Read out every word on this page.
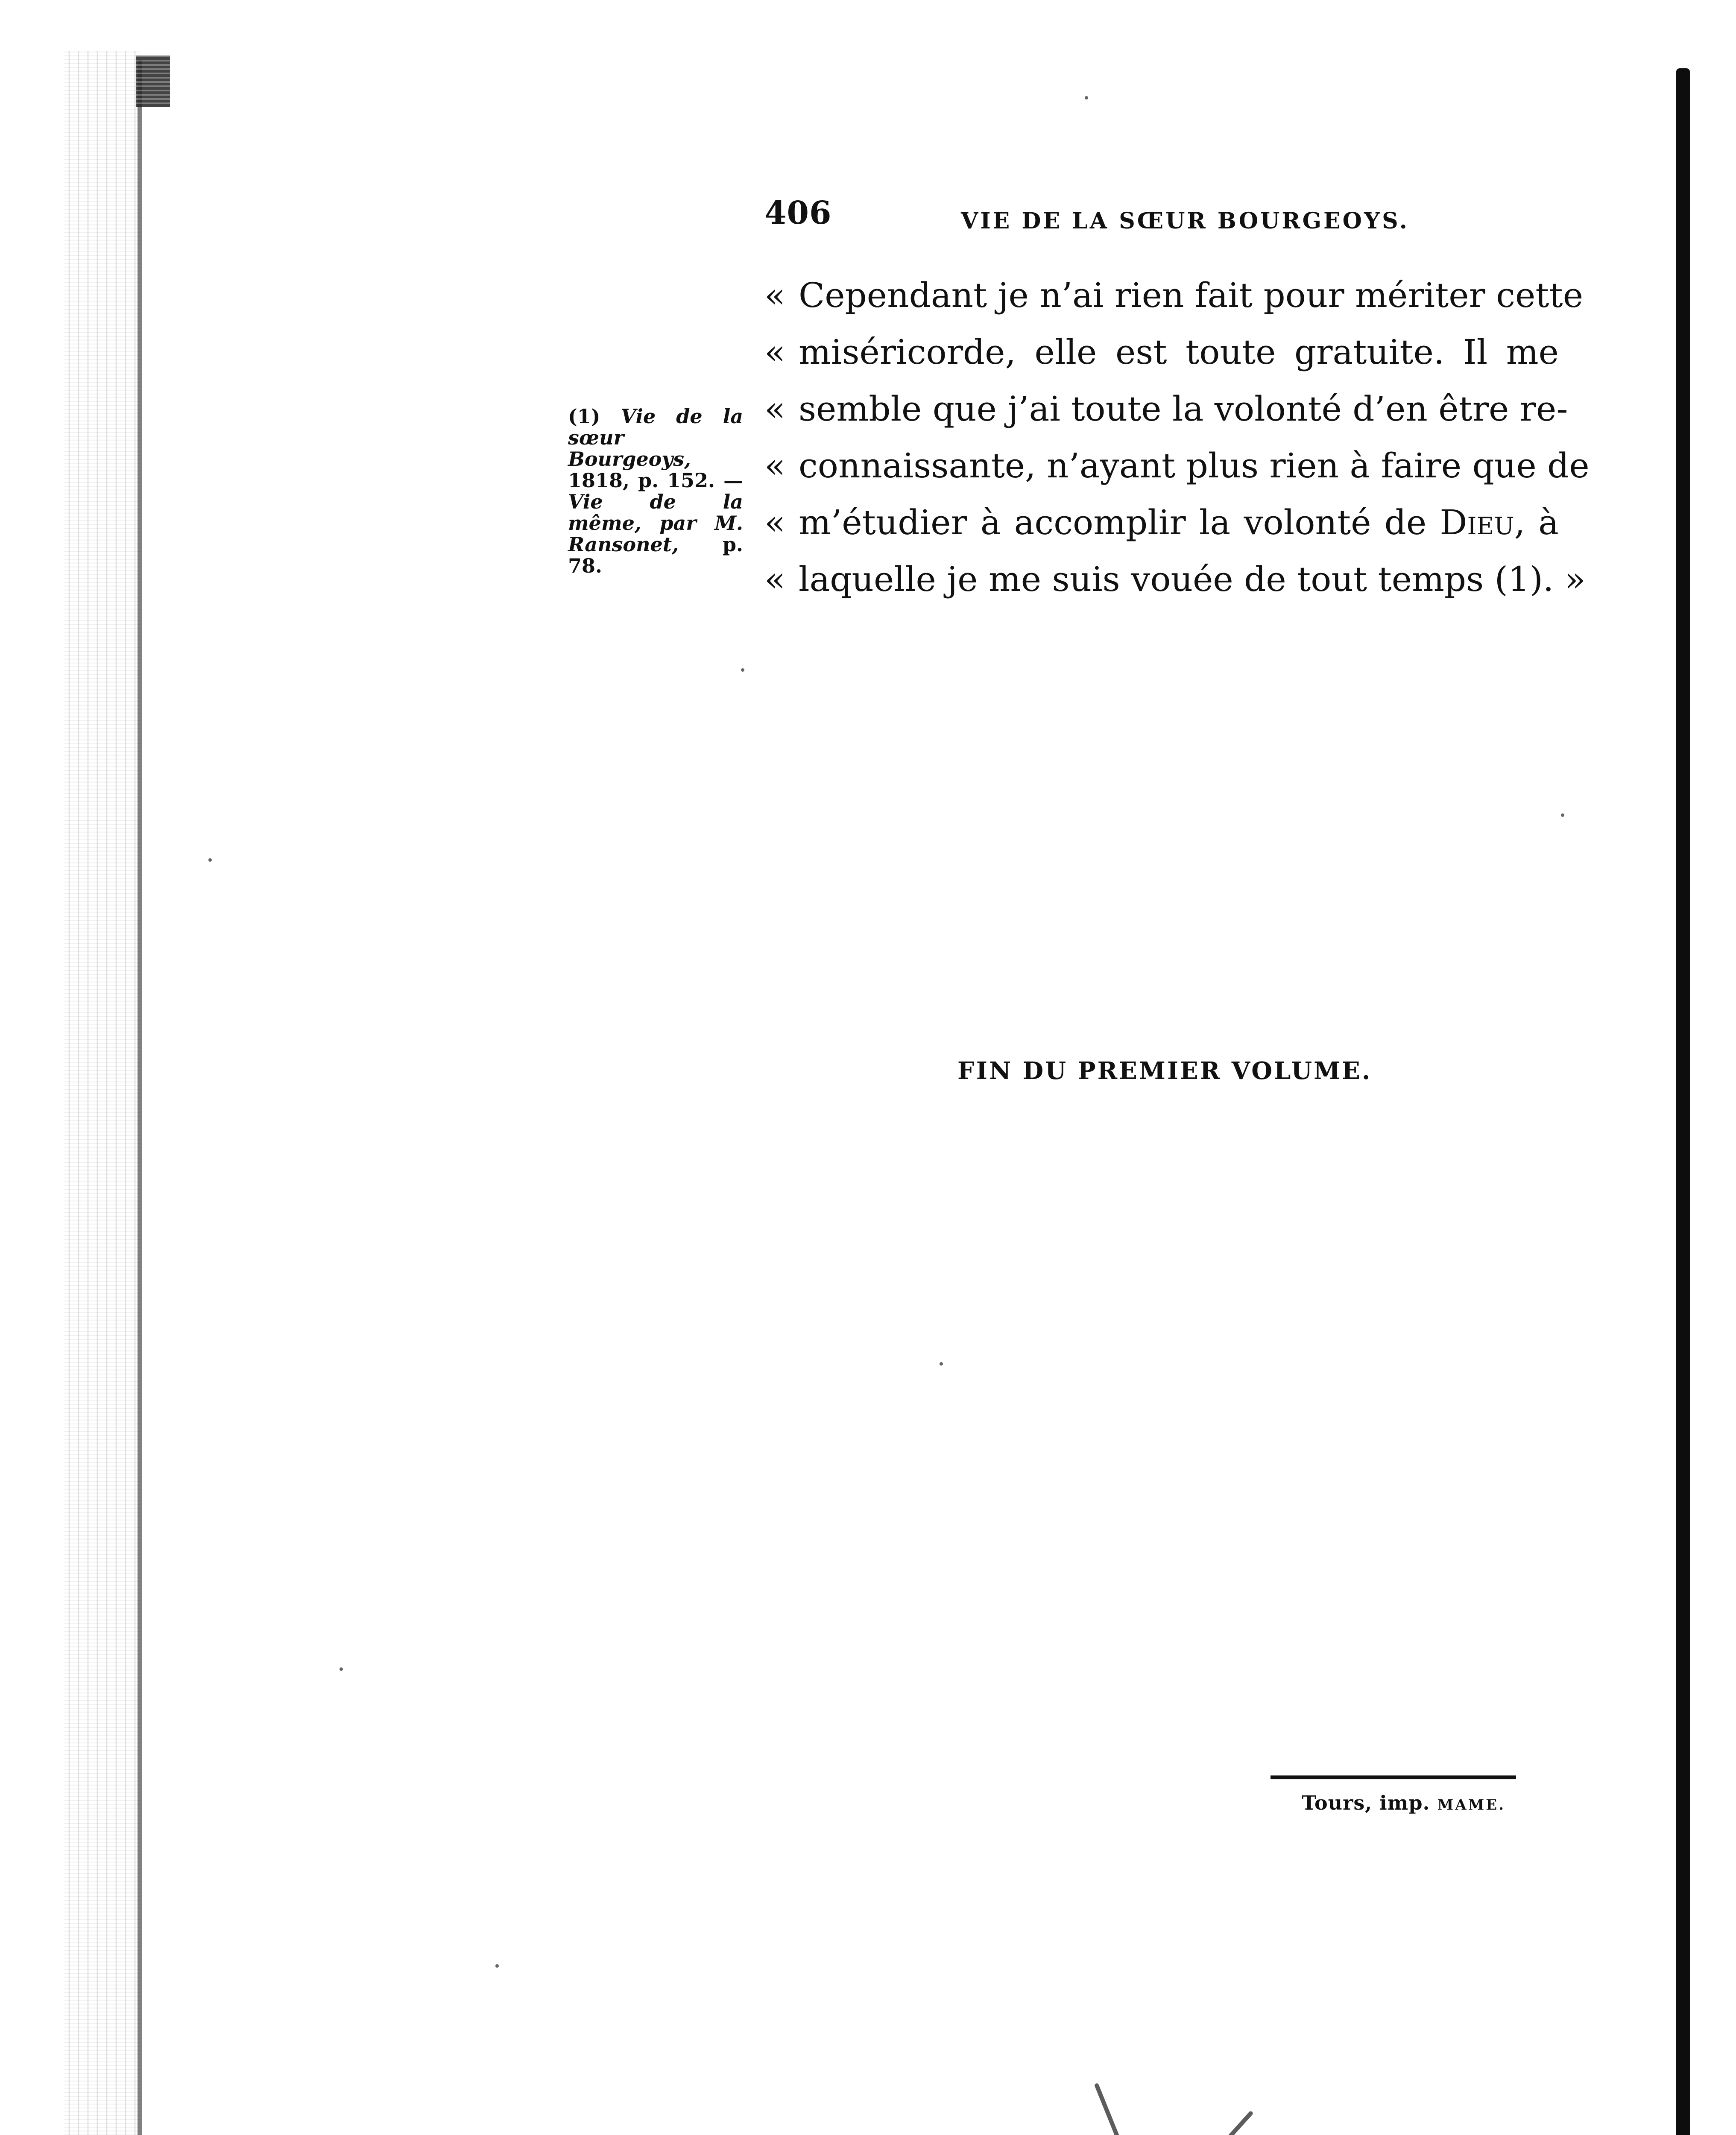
406	VIE DE LA SŒUR BOURGEOYS.
(1) Vie de la sœur Bourgeoys, 1818, p. 152. — Vie de la même, par M. Ransonet, p. 78.
« Cependant je n’ai rien fait pour mériter cette
« miséricorde, elle est toute gratuite. Il me
« semble que j’ai toute la volonté d’en être re-
« connaissante, n’ayant plus rien à faire que de
« m’étudier à accomplir la volonté de Dieu, à
« laquelle je me suis vouée de tout temps (1). »
FIN DU PREMIER VOLUME.
Tours, imp. MAME.
